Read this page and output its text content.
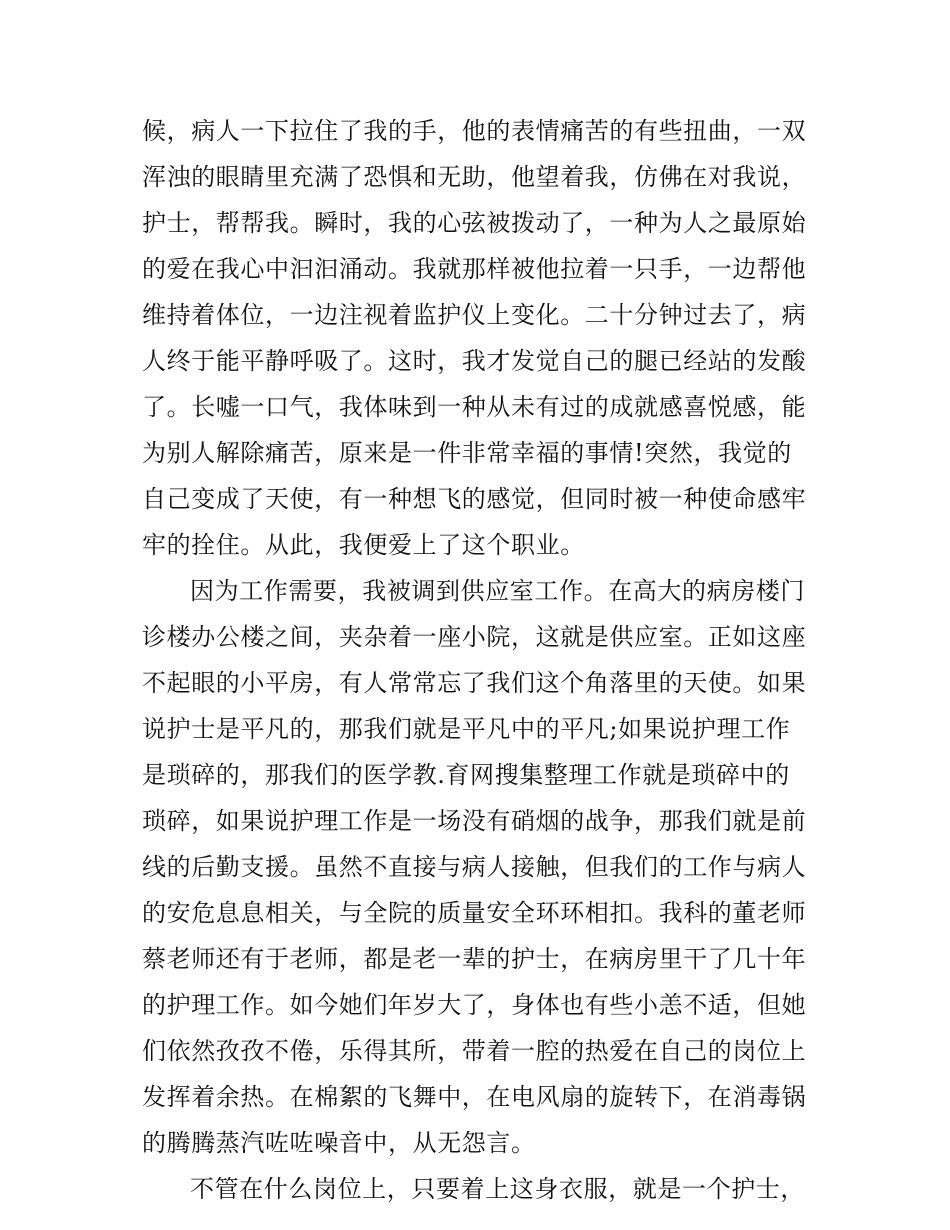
候，病人一下拉住了我的手，他的表情痛苦的有些扭曲，一双
浑浊的眼睛里充满了恐惧和无助，他望着我，仿佛在对我说，
护士，帮帮我。瞬时，我的心弦被拨动了，一种为人之最原始
的爱在我心中汩汩涌动。我就那样被他拉着一只手，一边帮他
维持着体位，一边注视着监护仪上变化。二十分钟过去了，病
人终于能平静呼吸了。这时，我才发觉自己的腿已经站的发酸
了。长嘘一口气，我体味到一种从未有过的成就感喜悦感，能
为别人解除痛苦，原来是一件非常幸福的事情!突然，我觉的
自己变成了天使，有一种想飞的感觉，但同时被一种使命感牢
牢的拴住。从此，我便爱上了这个职业。
因为工作需要，我被调到供应室工作。在高大的病房楼门
诊楼办公楼之间，夹杂着一座小院，这就是供应室。正如这座
不起眼的小平房，有人常常忘了我们这个角落里的天使。如果
说护士是平凡的，那我们就是平凡中的平凡;如果说护理工作
是琐碎的，那我们的医学教.育网搜集整理工作就是琐碎中的
琐碎，如果说护理工作是一场没有硝烟的战争，那我们就是前
线的后勤支援。虽然不直接与病人接触，但我们的工作与病人
的安危息息相关，与全院的质量安全环环相扣。我科的董老师
蔡老师还有于老师，都是老一辈的护士，在病房里干了几十年
的护理工作。如今她们年岁大了，身体也有些小恙不适，但她
们依然孜孜不倦，乐得其所，带着一腔的热爱在自己的岗位上
发挥着余热。在棉絮的飞舞中，在电风扇的旋转下，在消毒锅
的腾腾蒸汽咗咗噪音中，从无怨言。
不管在什么岗位上，只要着上这身衣服，就是一个护士，
